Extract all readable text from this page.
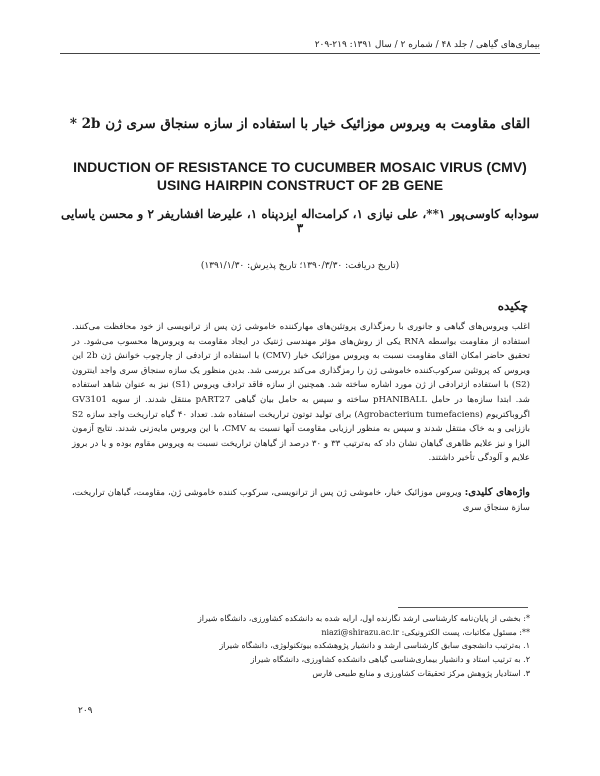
بیماری‌های گیاهی / جلد ۴۸ / شماره ۲ / سال ۱۳۹۱: ۲۱۹-۲۰۹
القای مقاومت به ویروس موزائیک خیار با استفاده از سازه سنجاق سری ژن 2b *
INDUCTION OF RESISTANCE TO CUCUMBER MOSAIC VIRUS (CMV) USING HAIRPIN CONSTRUCT OF 2B GENE
سودابه کاوسی‌پور ۱**، علی نیازی ۱، کرامت‌اله ایزدپناه ۱، علیرضا افشاریفر ۲ و محسن یاسایی ۳
(تاریخ دریافت: ۱۳۹۰/۳/۳۰؛ تاریخ پذیرش: ۱۳۹۱/۱/۳۰)
چکیده
اغلب ویروس‌های گیاهی و جانوری با رمزگذاری پروتئین‌های مهارکننده خاموشی ژن پس از ترانویسی از خود محافظت می‌کنند. استفاده از مقاومت بواسطه RNA یکی از روش‌های مؤثر مهندسی ژنتیک در ایجاد مقاومت به ویروس‌ها محسوب می‌شود. در تحقیق حاضر امکان القای مقاومت نسبت به ویروس موزائیک خیار (CMV) با استفاده از ترادفی از چارچوب خوانش ژن 2b این ویروس که پروتئین سرکوب‌کننده خاموشی ژن را رمزگذاری می‌کند بررسی شد. بدین منظور یک سازه سنجاق سری واجد اینترون (S2) با استفاده ازترادفی از ژن مورد اشاره ساخته شد. همچنین از سازه فاقد ترادف ویروس (S1) نیز به عنوان شاهد استفاده شد. ابتدا سازه‌ها در حامل pHANIBALL ساخته و سپس به حامل بیان گیاهی pART27 منتقل شدند. از سویه GV3101 اگروباکتریوم (Agrobacterium tumefaciens) برای تولید توتون تراریخت استفاده شد. تعداد ۴۰ گیاه تراریخت واجد سازه S2 باززایی و به خاک منتقل شدند و سپس به منظور ارزیابی مقاومت آنها نسبت به CMV، با این ویروس مایه‌زنی شدند. نتایج آزمون الیزا و نیز علایم ظاهری گیاهان نشان داد که به‌ترتیب ۳۳ و ۳۰ درصد از گیاهان تراریخت نسبت به ویروس مقاوم بوده و یا در بروز علایم و آلودگی تأخیر داشتند.
واژه‌های کلیدی: ویروس موزائیک خیار، خاموشی ژن پس از ترانویسی، سرکوب کننده خاموشی ژن، مقاومت، گیاهان تراریخت، سازة سنجاق سری
*: بخشی از پایان‌نامه کارشناسی ارشد نگارنده اول، ارایه شده به دانشکده کشاورزی، دانشگاه شیراز
**: مسئول مکاتبات، پست الکترونیکی: niazi@shirazu.ac.ir
۱. به‌ترتیب دانشجوی سابق کارشناسی ارشد و دانشیار پژوهشکده بیوتکنولوژی، دانشگاه شیراز
۲. به ترتیب استاد و دانشیار بیماری‌شناسی گیاهی دانشکده کشاورزی، دانشگاه شیراز
۳. استادیار پژوهش مرکز تحقیقات کشاورزی و منابع طبیعی فارس
۲۰۹
